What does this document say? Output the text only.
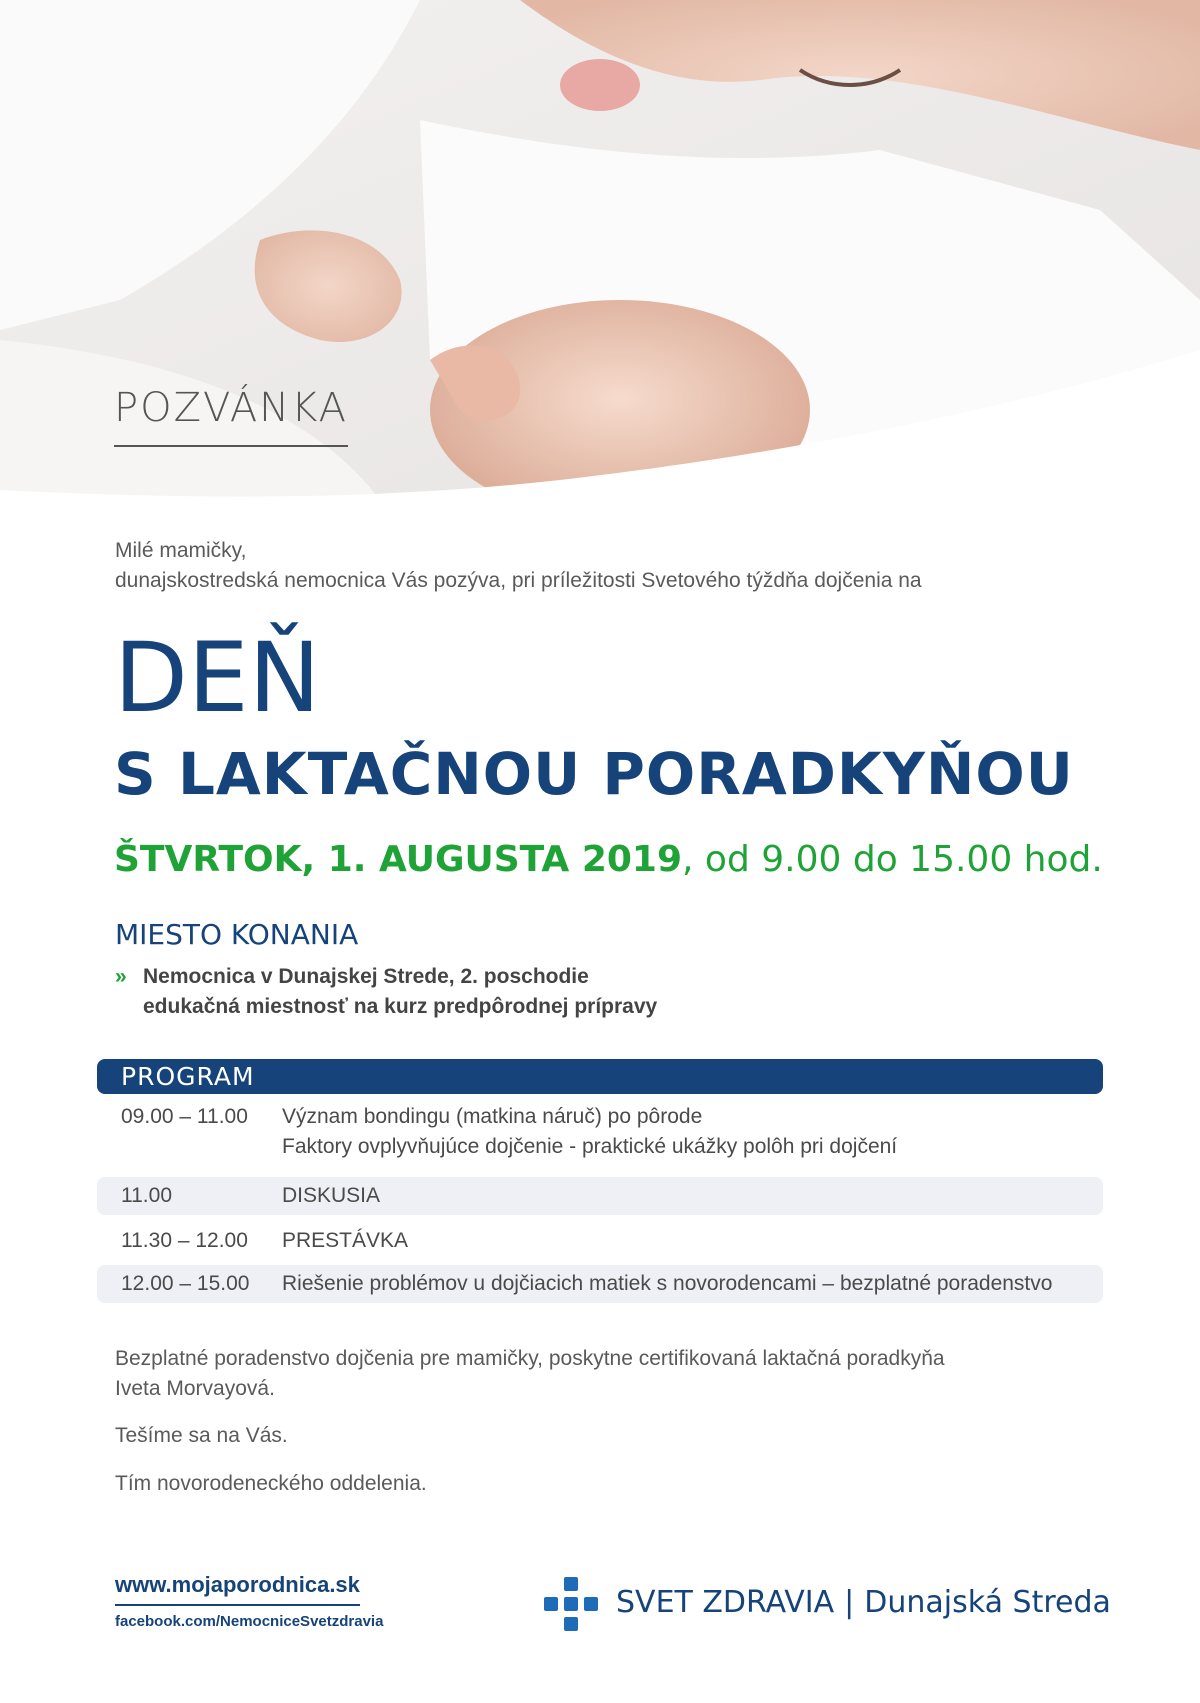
POZVÁNKA
Milé mamičky,
dunajskostredská nemocnica Vás pozýva, pri príležitosti Svetového týždňa dojčenia na
DEŇ
S LAKTAČNOU PORADKYŇOU
ŠTVRTOK, 1. AUGUSTA 2019, od 9.00 do 15.00 hod.
MIESTO KONANIA
» Nemocnica v Dunajskej Strede, 2. poschodie
edukačná miestnosť na kurz predpôrodnej prípravy
PROGRAM
09.00 – 11.00 Význam bondingu (matkina náruč) po pôrode
Faktory ovplyvňujúce dojčenie - praktické ukážky polôh pri dojčení
11.00	DISKUSIA
11.30 – 12.00 PRESTÁVKA
12.00 – 15.00 Riešenie problémov u dojčiacich matiek s novorodencami – bezplatné poradenstvo
Bezplatné poradenstvo dojčenia pre mamičky, poskytne certifikovaná laktačná poradkyňa
Iveta Morvayová.
Tešíme sa na Vás.
Tím novorodeneckého oddelenia.
www.mojaporodnica.sk
facebook.com/NemocniceSvetzdravia
SVET ZDRAVIA | Dunajská Streda
